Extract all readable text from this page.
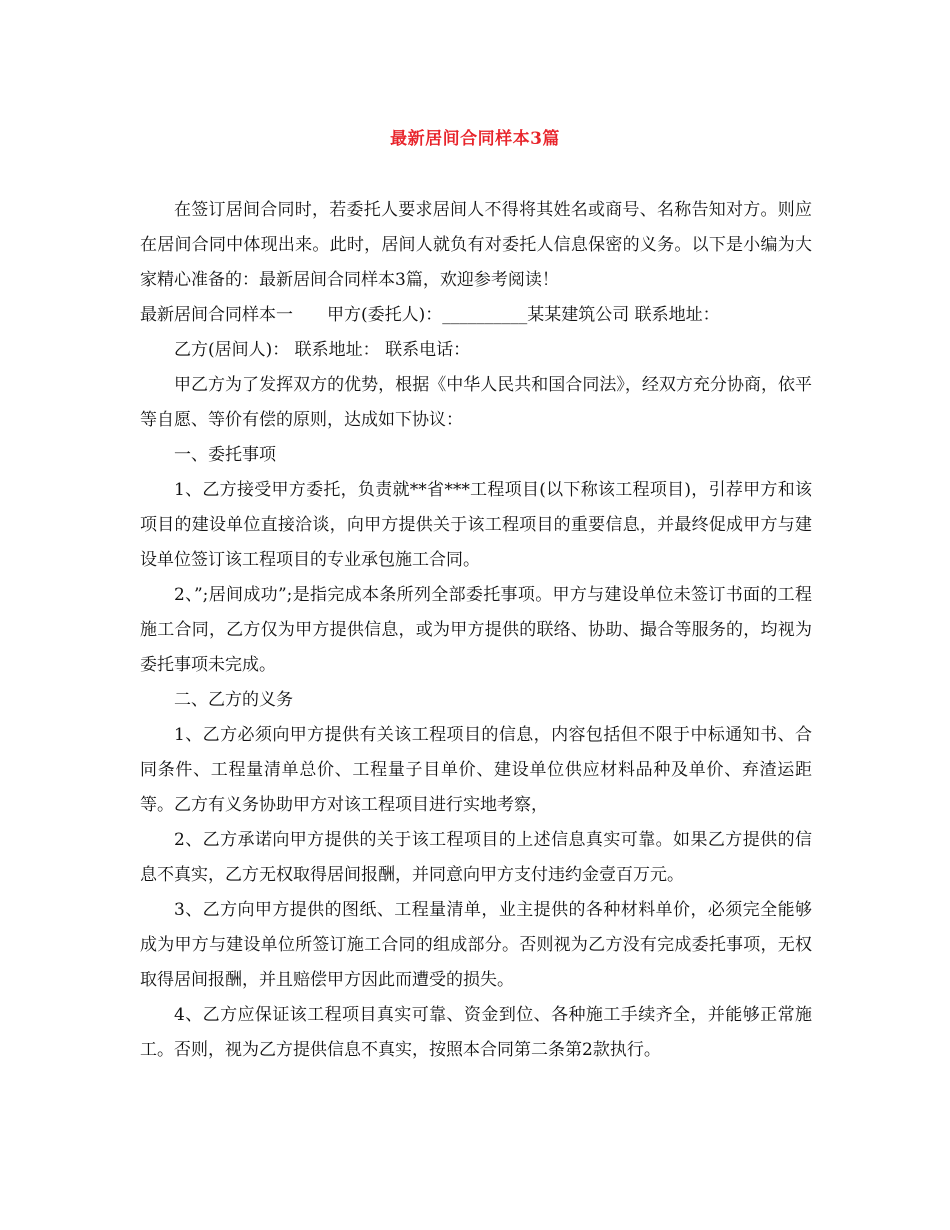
最新居间合同样本3篇

在签订居间合同时，若委托人要求居间人不得将其姓名或商号、名称告知对方。则应在居间合同中体现出来。此时，居间人就负有对委托人信息保密的义务。以下是小编为大家精心准备的：最新居间合同样本3篇，欢迎参考阅读！

最新居间合同样本一　　甲方(委托人)：__________某某建筑公司 联系地址：

乙方(居间人)： 联系地址： 联系电话：

甲乙方为了发挥双方的优势，根据《中华人民共和国合同法》，经双方充分协商，依平等自愿、等价有偿的原则，达成如下协议：

一、委托事项

1、乙方接受甲方委托，负责就**省***工程项目(以下称该工程项目)，引荐甲方和该项目的建设单位直接洽谈，向甲方提供关于该工程项目的重要信息，并最终促成甲方与建设单位签订该工程项目的专业承包施工合同。

2、”;居间成功”;是指完成本条所列全部委托事项。甲方与建设单位未签订书面的工程施工合同，乙方仅为甲方提供信息，或为甲方提供的联络、协助、撮合等服务的，均视为委托事项未完成。

二、乙方的义务

1、乙方必须向甲方提供有关该工程项目的信息，内容包括但不限于中标通知书、合同条件、工程量清单总价、工程量子目单价、建设单位供应材料品种及单价、弃渣运距等。乙方有义务协助甲方对该工程项目进行实地考察，

2、乙方承诺向甲方提供的关于该工程项目的上述信息真实可靠。如果乙方提供的信息不真实，乙方无权取得居间报酬，并同意向甲方支付违约金壹百万元。

3、乙方向甲方提供的图纸、工程量清单，业主提供的各种材料单价，必须完全能够成为甲方与建设单位所签订施工合同的组成部分。否则视为乙方没有完成委托事项，无权取得居间报酬，并且赔偿甲方因此而遭受的损失。

4、乙方应保证该工程项目真实可靠、资金到位、各种施工手续齐全，并能够正常施工。否则，视为乙方提供信息不真实，按照本合同第二条第2款执行。
